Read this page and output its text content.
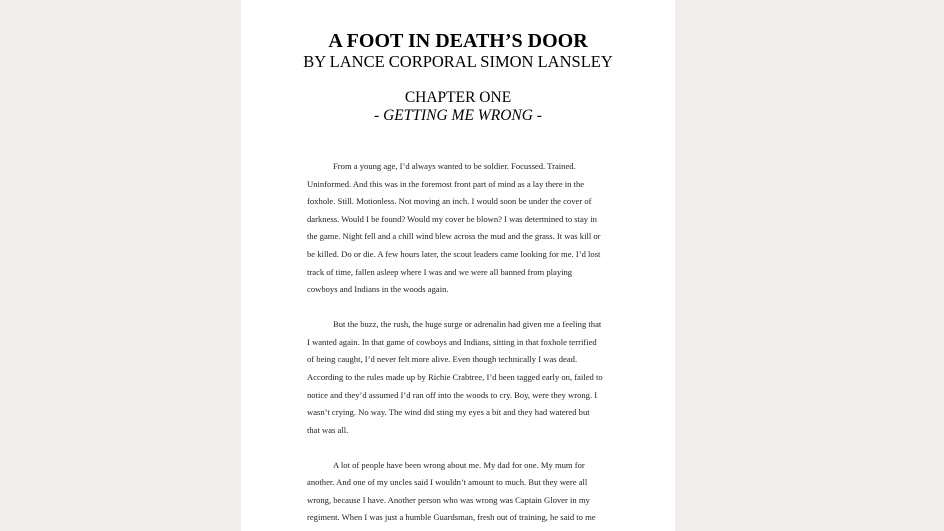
A FOOT IN DEATH’S DOOR
BY LANCE CORPORAL SIMON LANSLEY
CHAPTER ONE
- GETTING ME WRONG -
From a young age, I’d always wanted to be soldier. Focussed. Trained.
Uninformed. And this was in the foremost front part of mind as a lay there in the
foxhole. Still. Motionless. Not moving an inch. I would soon be under the cover of
darkness. Would I be found? Would my cover be blown? I was determined to stay in
the game. Night fell and a chill wind blew across the mud and the grass. It was kill or
be killed. Do or die. A few hours later, the scout leaders came looking for me. I’d lost
track of time, fallen asleep where I was and we were all banned from playing
cowboys and Indians in the woods again.
But the buzz, the rush, the huge surge or adrenalin had given me a feeling that
I wanted again. In that game of cowboys and Indians, sitting in that foxhole terrified
of being caught, I’d never felt more alive. Even though technically I was dead.
According to the rules made up by Richie Crabtree, I’d been tagged early on, failed to
notice and they’d assumed I’d ran off into the woods to cry. Boy, were they wrong. I
wasn’t crying. No way. The wind did sting my eyes a bit and they had watered but
that was all.
A lot of people have been wrong about me. My dad for one. My mum for
another. And one of my uncles said I wouldn’t amount to much. But they were all
wrong, because I have. Another person who was wrong was Captain Glover in my
regiment. When I was just a humble Guardsman, fresh out of training, he said to me
